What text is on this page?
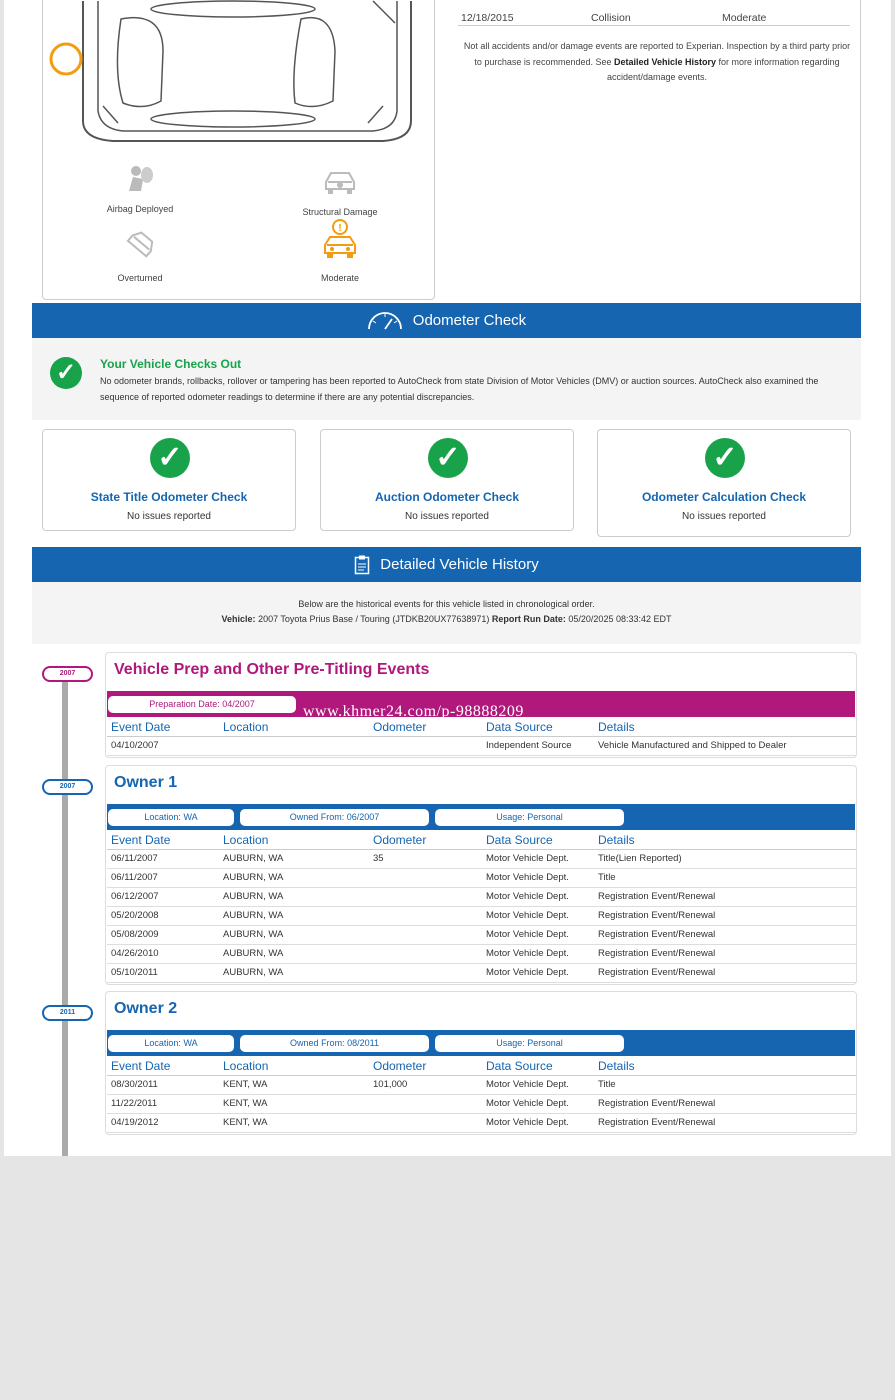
Airbag Deployed	Structural Damage
Overturned
!
Moderate
12/18/2015	Collision	Moderate

Not all accidents and/or damage events are reported to Experian. Inspection by a third party prior to purchase is recommended. See Detailed Vehicle History for more information regarding accident/damage events.

Odometer Check
✓	Your Vehicle Checks Out
No odometer brands, rollbacks, rollover or tampering has been reported to AutoCheck from state Division of Motor Vehicles (DMV) or auction sources. AutoCheck also examined the sequence of reported odometer readings to determine if there are any potential discrepancies.
✓
State Title Odometer Check
No issues reported
✓
Auction Odometer Check
No issues reported
✓
Odometer Calculation Check
No issues reported
Detailed Vehicle History
Below are the historical events for this vehicle listed in chronological order.
Vehicle: 2007 Toyota Prius Base / Touring (JTDKB20UX77638971) Report Run Date: 05/20/2025 08:33:42 EDT
2007	Vehicle Prep and Other Pre-Titling Events
Preparation Date: 04/2007	www.khmer24.com/p-98888209
Event Date	Location	Odometer	Data Source	Details
04/10/2007			Independent Source	Vehicle Manufactured and Shipped to Dealer
2007	Owner 1
Location: WA	Owned From: 06/2007	Usage: Personal
Event Date	Location	Odometer	Data Source	Details
06/11/2007	AUBURN, WA	35	Motor Vehicle Dept.	Title(Lien Reported)
06/11/2007	AUBURN, WA		Motor Vehicle Dept.	Title
06/12/2007	AUBURN, WA		Motor Vehicle Dept.	Registration Event/Renewal
05/20/2008	AUBURN, WA		Motor Vehicle Dept.	Registration Event/Renewal
05/08/2009	AUBURN, WA		Motor Vehicle Dept.	Registration Event/Renewal
04/26/2010	AUBURN, WA		Motor Vehicle Dept.	Registration Event/Renewal
05/10/2011	AUBURN, WA		Motor Vehicle Dept.	Registration Event/Renewal
2011	Owner 2
Location: WA	Owned From: 08/2011	Usage: Personal
Event Date	Location	Odometer	Data Source	Details
08/30/2011	KENT, WA	101,000	Motor Vehicle Dept.	Title
11/22/2011	KENT, WA		Motor Vehicle Dept.	Registration Event/Renewal
04/19/2012	KENT, WA		Motor Vehicle Dept.	Registration Event/Renewal
